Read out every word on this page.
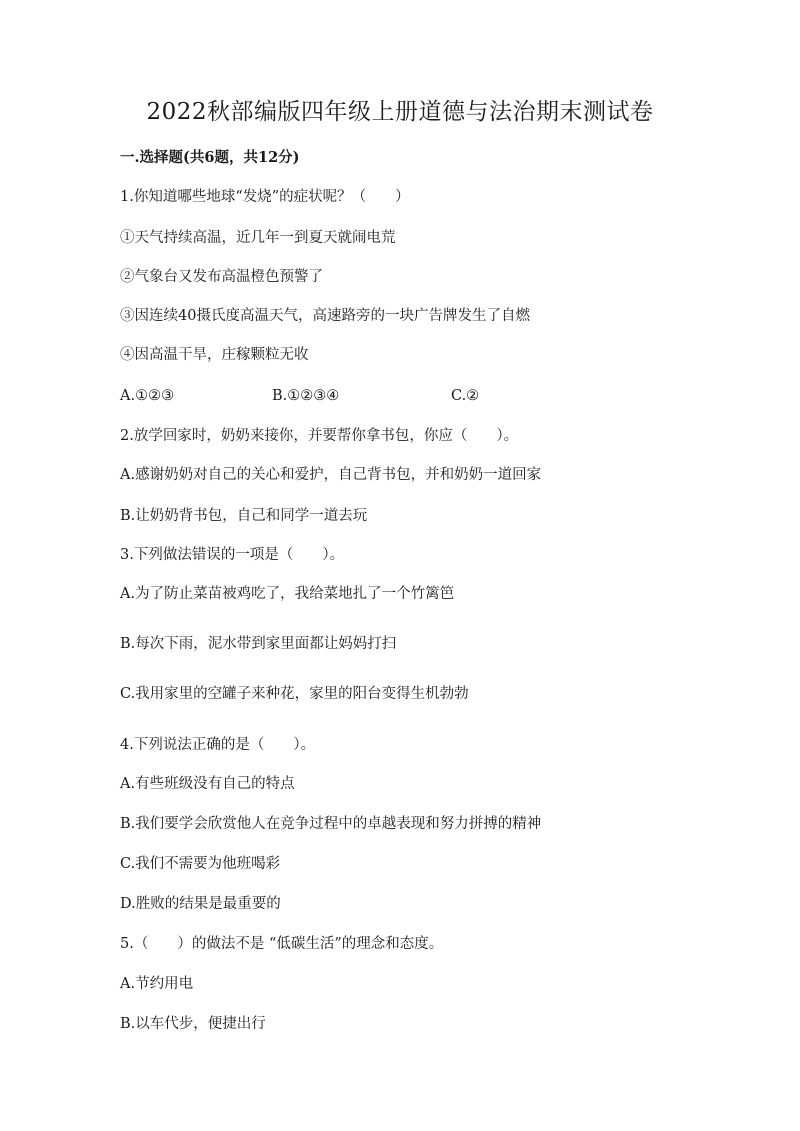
2022秋部编版四年级上册道德与法治期末测试卷
一.选择题(共6题，共12分)
1.你知道哪些地球“发烧”的症状呢？（　　）
①天气持续高温，近几年一到夏天就闹电荒
②气象台又发布高温橙色预警了
③因连续40摄氏度高温天气，高速路旁的一块广告牌发生了自燃
④因高温干旱，庄稼颗粒无收
A.①②③	B.①②③④	C.②
2.放学回家时，奶奶来接你，并要帮你拿书包，你应（　　）。
A.感谢奶奶对自己的关心和爱护，自己背书包，并和奶奶一道回家
B.让奶奶背书包，自己和同学一道去玩
3.下列做法错误的一项是（　　）。
A.为了防止菜苗被鸡吃了，我给菜地扎了一个竹篱笆
B.每次下雨，泥水带到家里面都让妈妈打扫
C.我用家里的空罐子来种花，家里的阳台变得生机勃勃
4.下列说法正确的是（　　）。
A.有些班级没有自己的特点
B.我们要学会欣赏他人在竞争过程中的卓越表现和努力拼搏的精神
C.我们不需要为他班喝彩
D.胜败的结果是最重要的
5.（　　）的做法不是 “低碳生活”的理念和态度。
A.节约用电
B.以车代步，便捷出行
